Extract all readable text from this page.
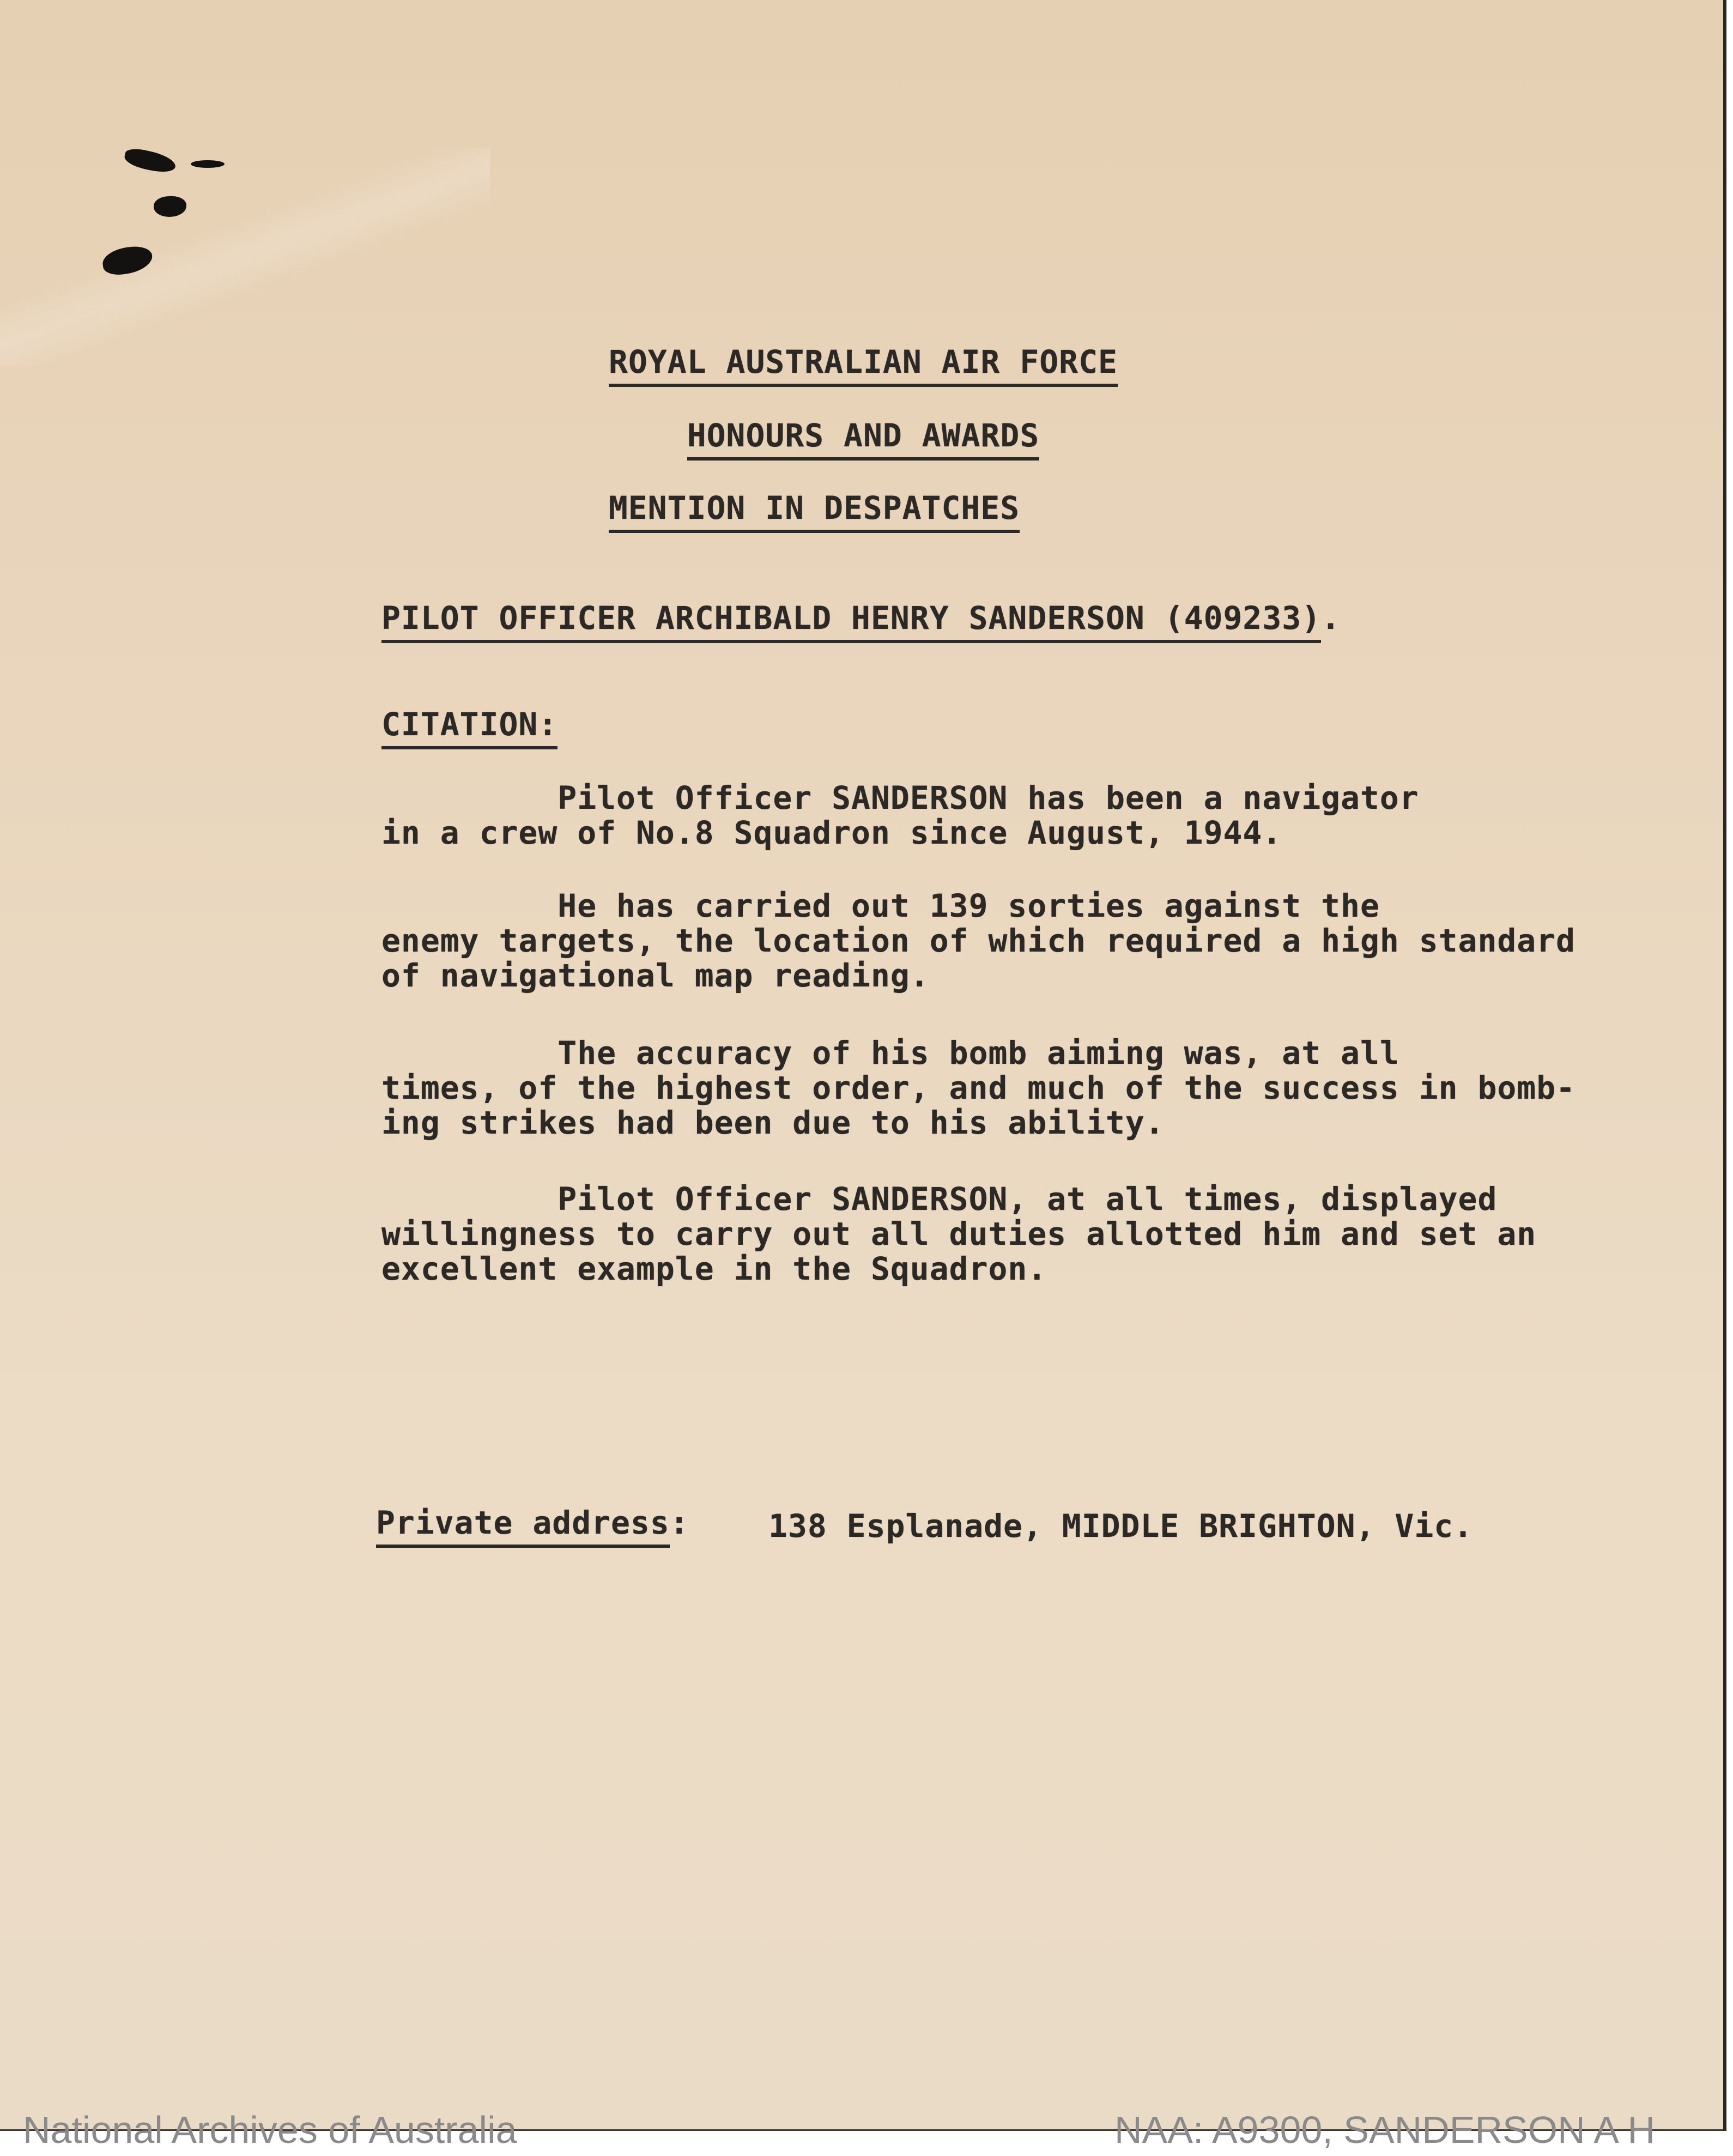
ROYAL AUSTRALIAN AIR FORCE
HONOURS AND AWARDS
MENTION IN DESPATCHES
PILOT OFFICER ARCHIBALD HENRY SANDERSON (409233).
CITATION:
Pilot Officer SANDERSON has been a navigator
in a crew of No.8 Squadron since August, 1944.
He has carried out 139 sorties against the
enemy targets, the location of which required a high standard
of navigational map reading.
The accuracy of his bomb aiming was, at all
times, of the highest order, and much of the success in bomb-
ing strikes had been due to his ability.
Pilot Officer SANDERSON, at all times, displayed
willingness to carry out all duties allotted him and set an
excellent example in the Squadron.
Private address:	138 Esplanade, MIDDLE BRIGHTON, Vic.
National Archives of Australia	NAA: A9300, SANDERSON A H
